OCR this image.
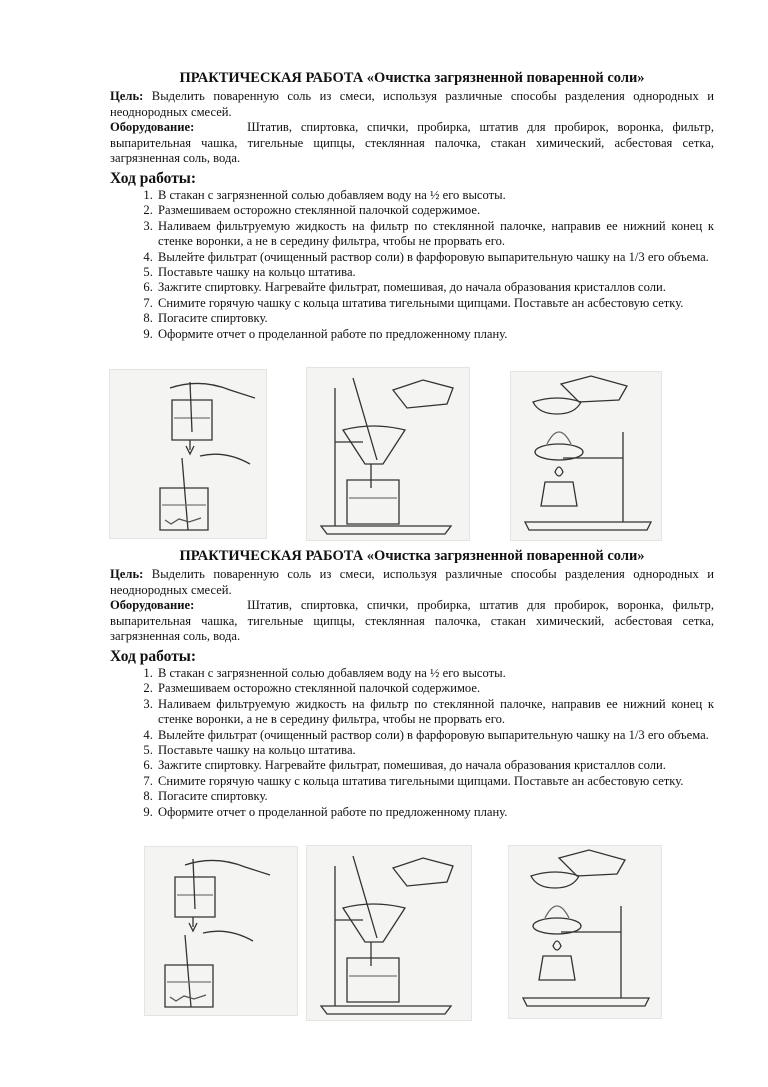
ПРАКТИЧЕСКАЯ РАБОТА «Очистка загрязненной поваренной соли»

Цель: Выделить поваренную соль из смеси, используя различные способы разделения однородных и неоднородных смесей.

Оборудование:	Штатив, спиртовка, спички, пробирка, штатив для пробирок, воронка, фильтр, выпарительная чашка, тигельные щипцы, стеклянная палочка, стакан химический, асбестовая сетка, загрязненная соль, вода.

Ход работы:
1. В стакан с загрязненной солью добавляем воду на ½ его высоты.
2. Размешиваем осторожно стеклянной палочкой содержимое.
3. Наливаем фильтруемую жидкость на фильтр по стеклянной палочке, направив ее нижний конец к стенке воронки, а не в середину фильтра, чтобы не прорвать его.
4. Вылейте фильтрат (очищенный раствор соли) в фарфоровую выпарительную чашку на 1/3 его объема.
5. Поставьте чашку на кольцо штатива.
6. Зажгите спиртовку. Нагревайте фильтрат, помешивая, до начала образования кристаллов соли.
7. Снимите горячую чашку с кольца штатива тигельными щипцами. Поставьте ан асбестовую сетку.
8. Погасите спиртовку.
9. Оформите отчет о проделанной работе по предложенному плану.
ПРАКТИЧЕСКАЯ РАБОТА «Очистка загрязненной поваренной соли»

Цель: Выделить поваренную соль из смеси, используя различные способы разделения однородных и неоднородных смесей.

Оборудование:	Штатив, спиртовка, спички, пробирка, штатив для пробирок, воронка, фильтр, выпарительная чашка, тигельные щипцы, стеклянная палочка, стакан химический, асбестовая сетка, загрязненная соль, вода.

Ход работы:
1. В стакан с загрязненной солью добавляем воду на ½ его высоты.
2. Размешиваем осторожно стеклянной палочкой содержимое.
3. Наливаем фильтруемую жидкость на фильтр по стеклянной палочке, направив ее нижний конец к стенке воронки, а не в середину фильтра, чтобы не прорвать его.
4. Вылейте фильтрат (очищенный раствор соли) в фарфоровую выпарительную чашку на 1/3 его объема.
5. Поставьте чашку на кольцо штатива.
6. Зажгите спиртовку. Нагревайте фильтрат, помешивая, до начала образования кристаллов соли.
7. Снимите горячую чашку с кольца штатива тигельными щипцами. Поставьте ан асбестовую сетку.
8. Погасите спиртовку.
9. Оформите отчет о проделанной работе по предложенному плану.
